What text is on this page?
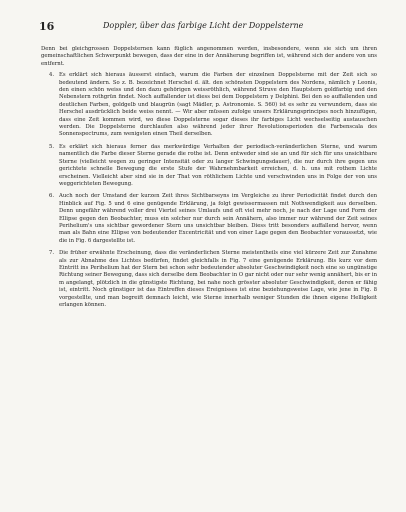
16	Doppler, über das farbige Licht der Doppelsterne

Denn bei gleichgrossen Doppelsternen kann füglich angenommen werden, insbesondere, wenn sie sich um ihren gemeinschaftlichen Schwerpunkt bewegen, dass der eine in der Annäherung begriffen ist, während sich der andere von uns entfernt.

4. Es erklärt sich hieraus äusserst einfach, warum die Farben der einzelnen Doppelsterne mit der Zeit sich so bedeutend ändern. So z. B. bezeichnet Herschel d. ält. den schönsten Doppelstern des Nordens, nämlich γ Leonis, den einen schön weiss und den dazu gehörigen weissröthlich, während Struve den Hauptstern goldfarbig und den Nebenstern rothgrün findet. Noch auffallender ist diess bei dem Doppelstern γ Delphini. Bei den so auffallenden und deutlichen Farben, goldgelb und blaugrün (sagt Mädler, p. Astronomie. S. 560) ist es sehr zu verwundern, dass sie Herschel ausdrücklich beide weiss nennt. — Wir aber müssen zufolge unsers Erklärungsprincipes noch hinzufügen, dass eine Zeit kommen wird, wo diese Doppelsterne sogar dieses ihr farbiges Licht wechselseitig austauschen werden. Die Doppelsterne durchlaufen also während jeder ihrer Revolutionsperioden die Farbenscala des Sonnenspectrums, zum wenigsten einen Theil derselben.

5. Es erklärt sich hieraus ferner das merkwürdige Verhalten der periodisch-veränderlichen Sterne, und warum namentlich die Farbe dieser Sterne gerade die rothe ist. Denn entweder sind sie an und für sich für uns unsichtbare Sterne (vielleicht wegen zu geringer Intensität oder zu langer Schwingungsdauer), die nur durch ihre gegen uns gerichtete schnelle Bewegung die erste Stufe der Wahrnehmbarkeit erreichen, d. h. uns mit rothem Lichte erscheinen. Vielleicht aber sind sie in der That von röthlichem Lichte und verschwinden uns in Folge der von uns weggerichteten Bewegung.

6. Auch noch der Umstand der kurzen Zeit ihres Sichtbarseyns im Vergleiche zu ihrer Periodicität findet durch den Hinblick auf Fig. 5 und 6 eine genügende Erklärung, ja folgt gewissermassen mit Nothwendigkeit aus derselben. Denn ungefähr während voller drei Viertel seines Umlaufs und oft viel mehr noch, je nach der Lage und Form der Ellipse gegen den Beobachter, muss ein solcher nur durch sein Annähern, also immer nur während der Zeit seines Perihelium's uns sichtbar gewordener Stern uns unsichtbar bleiben. Diess tritt besonders auffallend hervor, wenn man als Bahn eine Ellipse von bedeutender Excentricität und von einer Lage gegen den Beobachter voraussetzt, wie die in Fig. 6 dargestellte ist.

7. Die früher erwähnte Erscheinung, dass die veränderlichen Sterne meistentheils eine viel kürzere Zeit zur Zunahme als zur Abnahme des Lichtes bedürfen, findet gleichfalls in Fig. 7 eine genügende Erklärung. Bis kurz vor dem Eintritt ins Perihelium hat der Stern bei schon sehr bedeutender absoluter Geschwindigkeit noch eine so ungünstige Richtung seiner Bewegung, dass sich derselbe dem Beobachter in O gar nicht oder nur sehr wenig annähert, bis er in m angelangt, plötzlich in die günstigste Richtung, bei nahe noch grösster absoluter Geschwindigkeit, deren er fähig ist, eintritt. Noch günstiger ist das Eintreffen dieses Ereignisses ist eine beziehungsweise Lage, wie jene in Fig. 8 vorgestellte, und man begreift demnach leicht, wie Sterne innerhalb weniger Stunden die ihnen eigene Helligkeit erlangen können.
